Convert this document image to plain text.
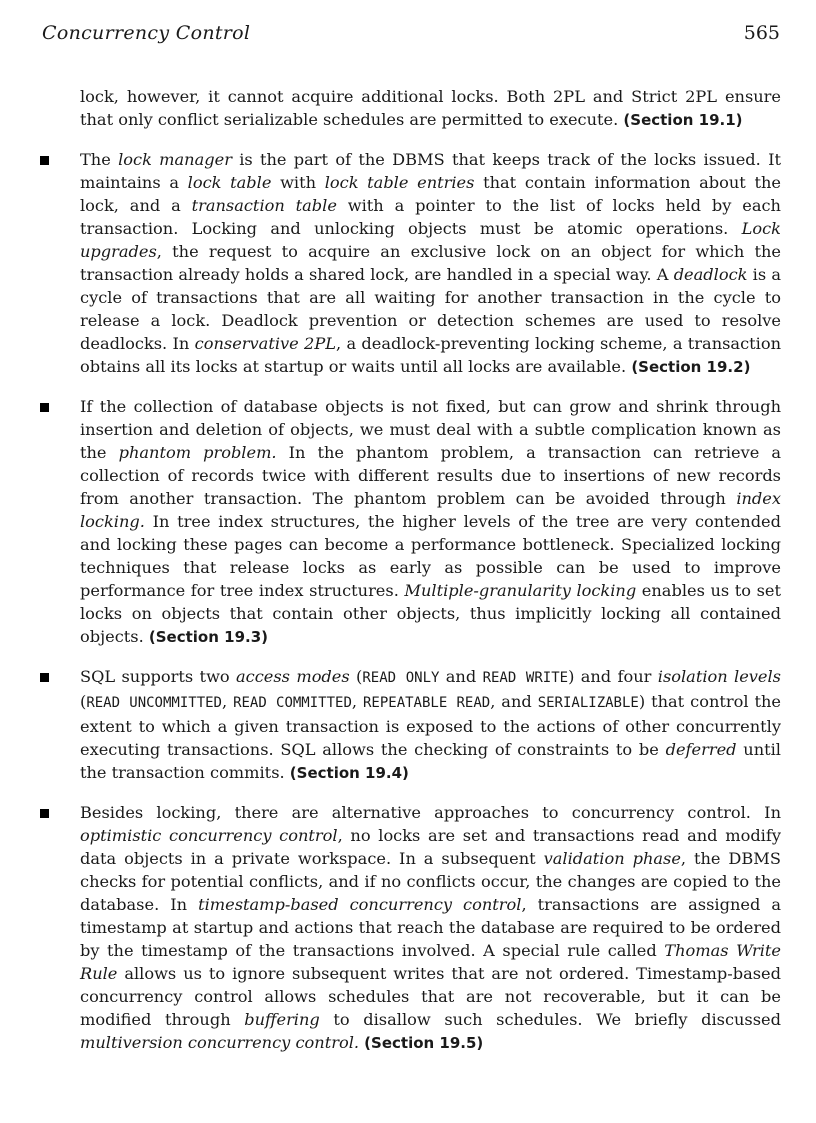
Concurrency Control	565

lock, however, it cannot acquire additional locks. Both 2PL and Strict 2PL ensure that only conflict serializable schedules are permitted to execute. (Section 19.1)

The lock manager is the part of the DBMS that keeps track of the locks issued. It maintains a lock table with lock table entries that contain information about the lock, and a transaction table with a pointer to the list of locks held by each transaction. Locking and unlocking objects must be atomic operations. Lock upgrades, the request to acquire an exclusive lock on an object for which the transaction already holds a shared lock, are handled in a special way. A deadlock is a cycle of transactions that are all waiting for another transaction in the cycle to release a lock. Deadlock prevention or detection schemes are used to resolve deadlocks. In conservative 2PL, a deadlock-preventing locking scheme, a transaction obtains all its locks at startup or waits until all locks are available. (Section 19.2)
If the collection of database objects is not fixed, but can grow and shrink through insertion and deletion of objects, we must deal with a subtle complication known as the phantom problem. In the phantom problem, a transaction can retrieve a collection of records twice with different results due to insertions of new records from another transaction. The phantom problem can be avoided through index locking. In tree index structures, the higher levels of the tree are very contended and locking these pages can become a performance bottleneck. Specialized locking techniques that release locks as early as possible can be used to improve performance for tree index structures. Multiple-granularity locking enables us to set locks on objects that contain other objects, thus implicitly locking all contained objects. (Section 19.3)
SQL supports two access modes (READ ONLY and READ WRITE) and four isolation levels (READ UNCOMMITTED, READ COMMITTED, REPEATABLE READ, and SERIALIZABLE) that control the extent to which a given transaction is exposed to the actions of other concurrently executing transactions. SQL allows the checking of constraints to be deferred until the transaction commits. (Section 19.4)
Besides locking, there are alternative approaches to concurrency control. In optimistic concurrency control, no locks are set and transactions read and modify data objects in a private workspace. In a subsequent validation phase, the DBMS checks for potential conflicts, and if no conflicts occur, the changes are copied to the database. In timestamp-based concurrency control, transactions are assigned a timestamp at startup and actions that reach the database are required to be ordered by the timestamp of the transactions involved. A special rule called Thomas Write Rule allows us to ignore subsequent writes that are not ordered. Timestamp-based concurrency control allows schedules that are not recoverable, but it can be modified through buffering to disallow such schedules. We briefly discussed multiversion concurrency control. (Section 19.5)
